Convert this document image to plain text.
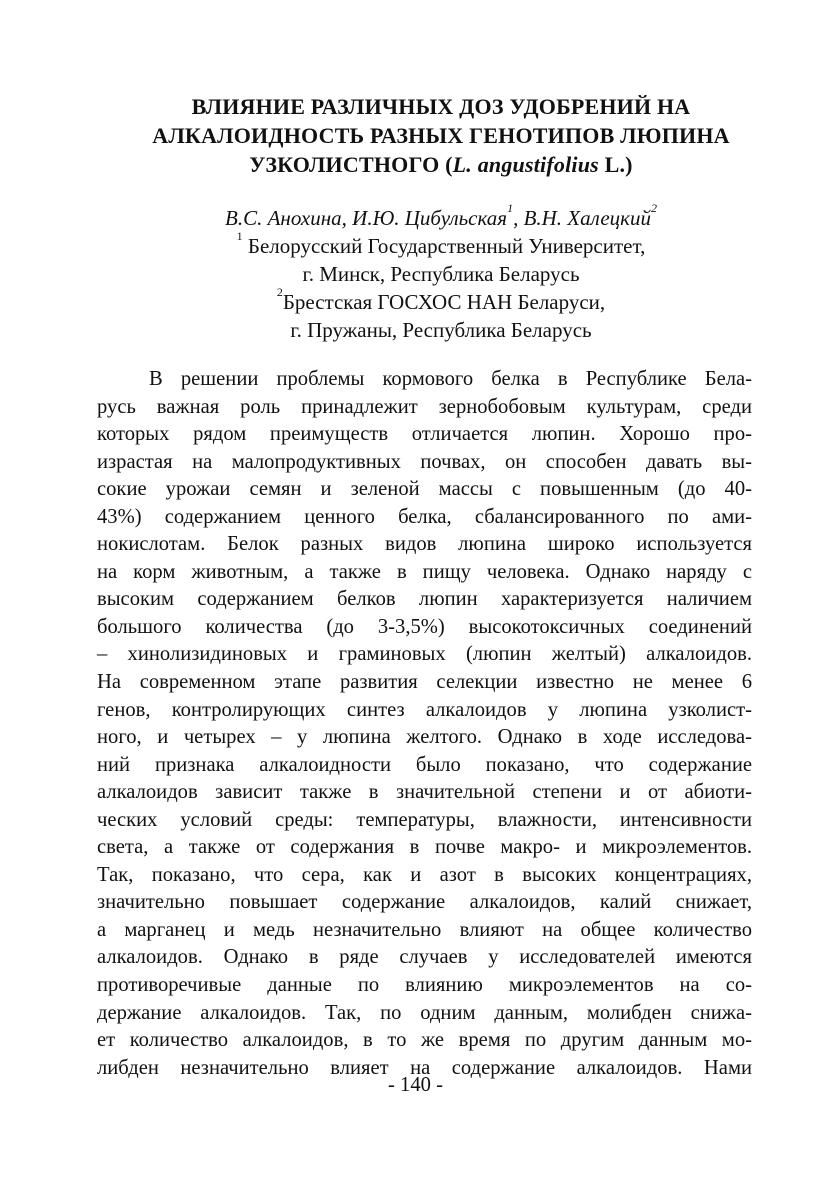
ВЛИЯНИЕ РАЗЛИЧНЫХ ДОЗ УДОБРЕНИЙ НА
АЛКАЛОИДНОСТЬ РАЗНЫХ ГЕНОТИПОВ ЛЮПИНА
УЗКОЛИСТНОГО (L. angustifolius L.)
В.С. Анохина, И.Ю. Цибульская$^1$, В.Н. Халецкий$^2$
$^1$ Белорусский Государственный Университет,
г. Минск, Республика Беларусь
$^2$Брестская ГОСХОС НАН Беларуси,
г. Пружаны, Республика Беларусь
В решении проблемы кормового белка в Республике Бела-
русь важная роль принадлежит зернобобовым культурам, среди
которых рядом преимуществ отличается люпин. Хорошо про-
израстая на малопродуктивных почвах, он способен давать вы-
сокие урожаи семян и зеленой массы с повышенным (до 40-
43%) содержанием ценного белка, сбалансированного по ами-
нокислотам. Белок разных видов люпина широко используется
на корм животным, а также в пищу человека. Однако наряду с
высоким содержанием белков люпин характеризуется наличием
большого количества (до 3-3,5%) высокотоксичных соединений
– хинолизидиновых и граминовых (люпин желтый) алкалоидов.
На современном этапе развития селекции известно не менее 6
генов, контролирующих синтез алкалоидов у люпина узколист-
ного, и четырех – у люпина желтого. Однако в ходе исследова-
ний признака алкалоидности было показано, что содержание
алкалоидов зависит также в значительной степени и от абиоти-
ческих условий среды: температуры, влажности, интенсивности
света, а также от содержания в почве макро- и микроэлементов.
Так, показано, что сера, как и азот в высоких концентрациях,
значительно повышает содержание алкалоидов, калий снижает,
а марганец и медь незначительно влияют на общее количество
алкалоидов. Однако в ряде случаев у исследователей имеются
противоречивые данные по влиянию микроэлементов на со-
держание алкалоидов. Так, по одним данным, молибден снижа-
ет количество алкалоидов, в то же время по другим данным мо-
либден незначительно влияет на содержание алкалоидов. Нами
- 140 -
